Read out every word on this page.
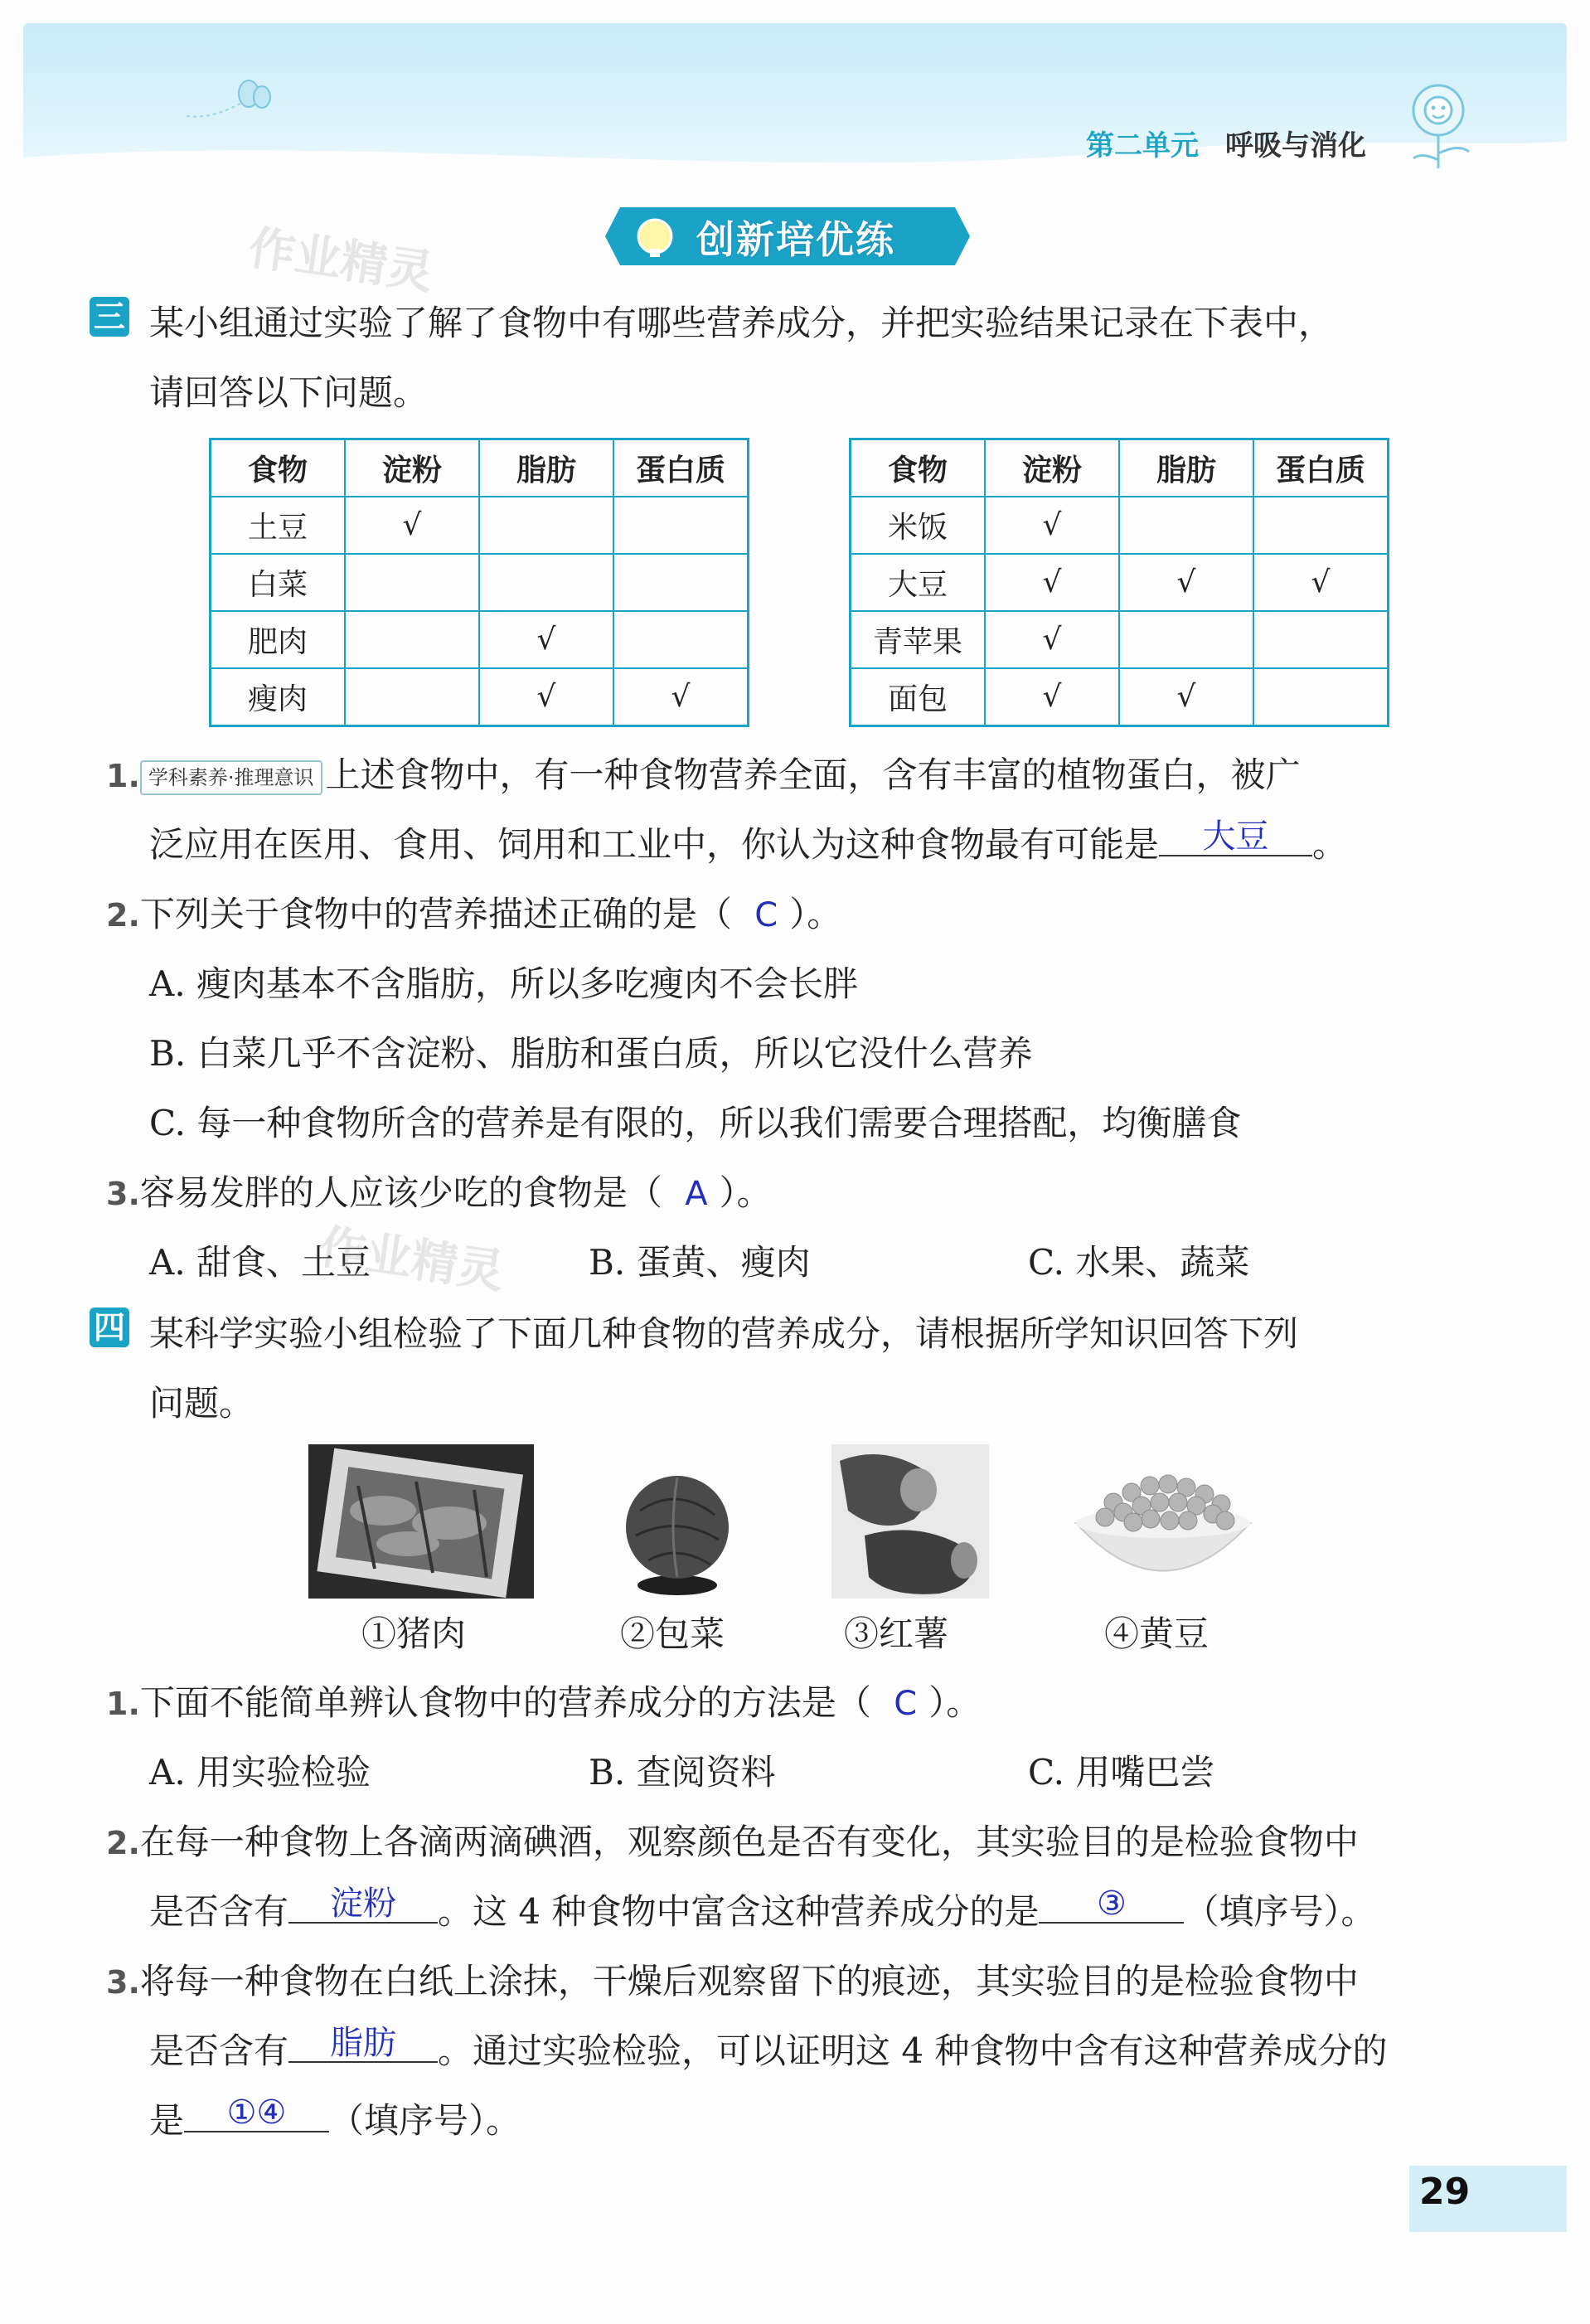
第二单元 呼吸与消化
创新培优练
作业精灵
三 某小组通过实验了解了食物中有哪些营养成分，并把实验结果记录在下表中，
请回答以下问题。
食物	淀粉	脂肪	蛋白质
土豆	√		
白菜			
肥肉		√	
瘦肉		√	√
食物	淀粉	脂肪	蛋白质
米饭	√		
大豆	√	√	√
青苹果	√		
面包	√	√	
1. 学科素养·推理意识 上述食物中，有一种食物营养全面，含有丰富的植物蛋白，被广
泛应用在医用、食用、饲用和工业中，你认为这种食物最有可能是	大豆	。
2.下列关于食物中的营养描述正确的是（ C ）。
A. 瘦肉基本不含脂肪，所以多吃瘦肉不会长胖
B. 白菜几乎不含淀粉、脂肪和蛋白质，所以它没什么营养
C. 每一种食物所含的营养是有限的，所以我们需要合理搭配，均衡膳食
3.容易发胖的人应该少吃的食物是（ A ）。
A. 甜食、土豆	B. 蛋黄、瘦肉	C. 水果、蔬菜
作业精灵
四 某科学实验小组检验了下面几种食物的营养成分，请根据所学知识回答下列
问题。
①猪肉	②包菜	③红薯	④黄豆
1.下面不能简单辨认食物中的营养成分的方法是（ C ）。
A. 用实验检验	B. 查阅资料	C. 用嘴巴尝
2.在每一种食物上各滴两滴碘酒，观察颜色是否有变化，其实验目的是检验食物中
是否含有	淀粉	。这 4 种食物中富含这种营养成分的是	③	（填序号）。
3.将每一种食物在白纸上涂抹，干燥后观察留下的痕迹，其实验目的是检验食物中
是否含有	脂肪	。通过实验检验，可以证明这 4 种食物中含有这种营养成分的
是	①④	（填序号）。
29
